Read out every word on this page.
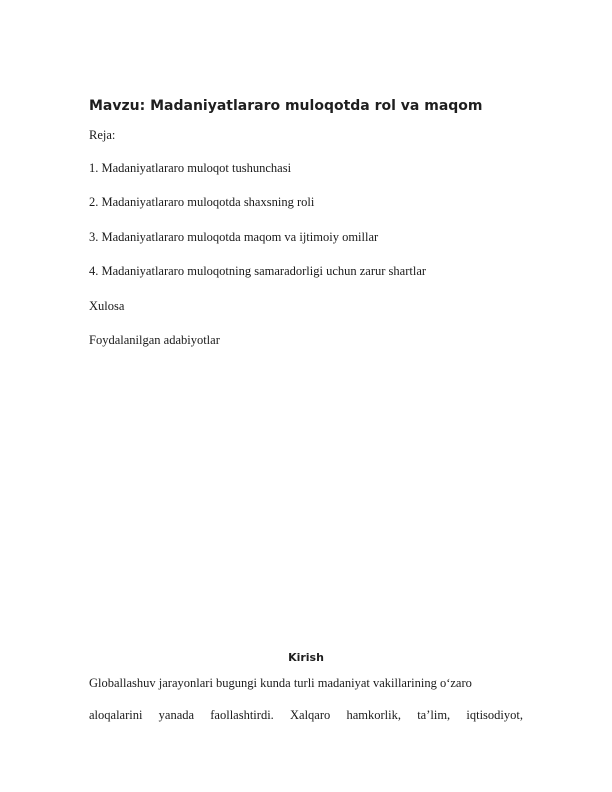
Mavzu: Madaniyatlararo muloqotda rol va maqom
Reja:
1. Madaniyatlararo muloqot tushunchasi
2. Madaniyatlararo muloqotda shaxsning roli
3. Madaniyatlararo muloqotda maqom va ijtimoiy omillar
4. Madaniyatlararo muloqotning samaradorligi uchun zarur shartlar
Xulosa
Foydalanilgan adabiyotlar
Kirish
Globallashuv jarayonlari bugungi kunda turli madaniyat vakillarining o‘zaro
aloqalarini yanada faollashtirdi. Xalqaro hamkorlik, ta’lim, iqtisodiyot,
